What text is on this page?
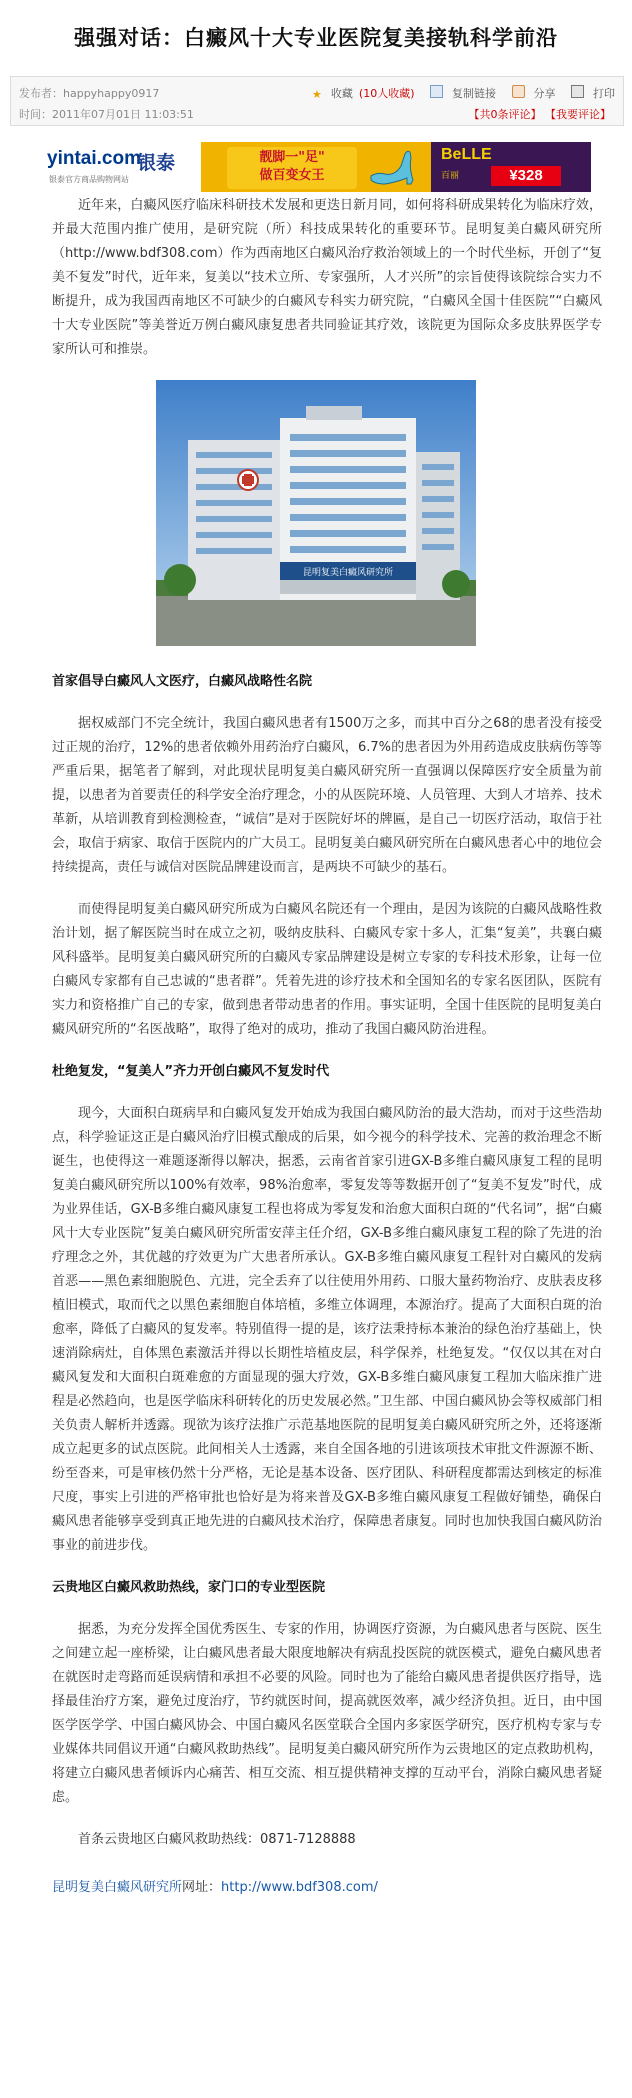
强强对话：白癜风十大专业医院复美接轨科学前沿
发布者：happyhappy0917
时间：2011年07月01日 11:03:51
★ 收藏 (10人收藏)	复制链接	分享	打印
【共0条评论】 【我要评论】
yintai.com
银泰
银泰官方商品购物网站
靓脚一"足"
做百变女王
BeLLE
百丽	¥328

近年来，白癜风医疗临床科研技术发展和更迭日新月同，如何将科研成果转化为临床疗效，并最大范围内推广使用，是研究院（所）科技成果转化的重要环节。昆明复美白癜风研究所（http://www.bdf308.com）作为西南地区白癜风治疗救治领域上的一个时代坐标，开创了“复美不复发”时代，近年来，复美以“技术立所、专家强所，人才兴所”的宗旨使得该院综合实力不断提升，成为我国西南地区不可缺少的白癜风专科实力研究院，“白癜风全国十佳医院”“白癜风十大专业医院”等美誉近万例白癜风康复患者共同验证其疗效，该院更为国际众多皮肤界医学专家所认可和推崇。

昆明复美白癜风研究所
首家倡导白癜风人文医疗，白癜风战略性名院

据权威部门不完全统计，我国白癜风患者有1500万之多，而其中百分之68的患者没有接受过正规的治疗，12%的患者依赖外用药治疗白癜风，6.7%的患者因为外用药造成皮肤病伤等等严重后果，据笔者了解到，对此现状昆明复美白癜风研究所一直强调以保障医疗安全质量为前提，以患者为首要责任的科学安全治疗理念，小的从医院环境、人员管理、大到人才培养、技术革新，从培训教育到检测检查，“诚信”是对于医院好坏的牌匾，是自己一切医疗活动，取信于社会，取信于病家、取信于医院内的广大员工。昆明复美白癜风研究所在白癜风患者心中的地位会持续提高，责任与诚信对医院品牌建设而言，是两块不可缺少的基石。

而使得昆明复美白癜风研究所成为白癜风名院还有一个理由，是因为该院的白癜风战略性救治计划，据了解医院当时在成立之初，吸纳皮肤科、白癜风专家十多人，汇集“复美”，共襄白癜风科盛举。昆明复美白癜风研究所的白癜风专家品牌建设是树立专家的专科技术形象，让每一位白癜风专家都有自己忠诚的“患者群”。凭着先进的诊疗技术和全国知名的专家名医团队，医院有实力和资格推广自己的专家，做到患者带动患者的作用。事实证明，全国十佳医院的昆明复美白癜风研究所的“名医战略”，取得了绝对的成功，推动了我国白癜风防治进程。

杜绝复发，“复美人”齐力开创白癜风不复发时代

现今，大面积白斑病早和白癜风复发开始成为我国白癜风防治的最大浩劫，而对于这些浩劫点，科学验证这正是白癜风治疗旧模式酿成的后果，如今视今的科学技术、完善的救治理念不断诞生，也使得这一难题逐渐得以解决，据悉，云南省首家引进GX-B多维白癜风康复工程的昆明复美白癜风研究所以100%有效率，98%治愈率，零复发等等数据开创了“复美不复发”时代，成为业界佳话，GX-B多维白癜风康复工程也将成为零复发和治愈大面积白斑的“代名词”，据“白癜风十大专业医院”复美白癜风研究所雷安萍主任介绍，GX-B多维白癜风康复工程的除了先进的治疗理念之外，其优越的疗效更为广大患者所承认。GX-B多维白癜风康复工程针对白癜风的发病首恶——黑色素细胞脱色、亢进，完全丢弃了以往使用外用药、口服大量药物治疗、皮肤表皮移植旧模式，取而代之以黑色素细胞自体培植，多维立体调理，本源治疗。提高了大面积白斑的治愈率，降低了白癜风的复发率。特别值得一提的是，该疗法秉持标本兼治的绿色治疗基础上，快速消除病灶，自体黑色素激活并得以长期性培植皮层，科学保养，杜绝复发。“仅仅以其在对白癜风复发和大面积白斑难愈的方面显现的强大疗效，GX-B多维白癜风康复工程加大临床推广进程是必然趋向，也是医学临床科研转化的历史发展必然。”卫生部、中国白癜风协会等权威部门相关负责人解析并透露。现欲为该疗法推广示范基地医院的昆明复美白癜风研究所之外，还将逐渐成立起更多的试点医院。此间相关人士透露，来自全国各地的引进该项技术审批文件源源不断、纷至沓来，可是审核仍然十分严格，无论是基本设备、医疗团队、科研程度都需达到核定的标准尺度，事实上引进的严格审批也恰好是为将来普及GX-B多维白癜风康复工程做好铺垫，确保白癜风患者能够享受到真正地先进的白癜风技术治疗，保障患者康复。同时也加快我国白癜风防治事业的前进步伐。

云贵地区白癜风救助热线，家门口的专业型医院

据悉，为充分发挥全国优秀医生、专家的作用，协调医疗资源，为白癜风患者与医院、医生之间建立起一座桥梁，让白癜风患者最大限度地解决有病乱投医院的就医模式，避免白癜风患者在就医时走弯路而延误病情和承担不必要的风险。同时也为了能给白癜风患者提供医疗指导，选择最佳治疗方案，避免过度治疗，节约就医时间，提高就医效率，减少经济负担。近日，由中国医学医学学、中国白癜风协会、中国白癜风名医堂联合全国内多家医学研究，医疗机构专家与专业媒体共同倡议开通“白癜风救助热线”。昆明复美白癜风研究所作为云贵地区的定点救助机构，将建立白癜风患者倾诉内心痛苦、相互交流、相互提供精神支撑的互动平台，消除白癜风患者疑虑。

首条云贵地区白癜风救助热线：0871-7128888
昆明复美白癜风研究所网址：http://www.bdf308.com/
